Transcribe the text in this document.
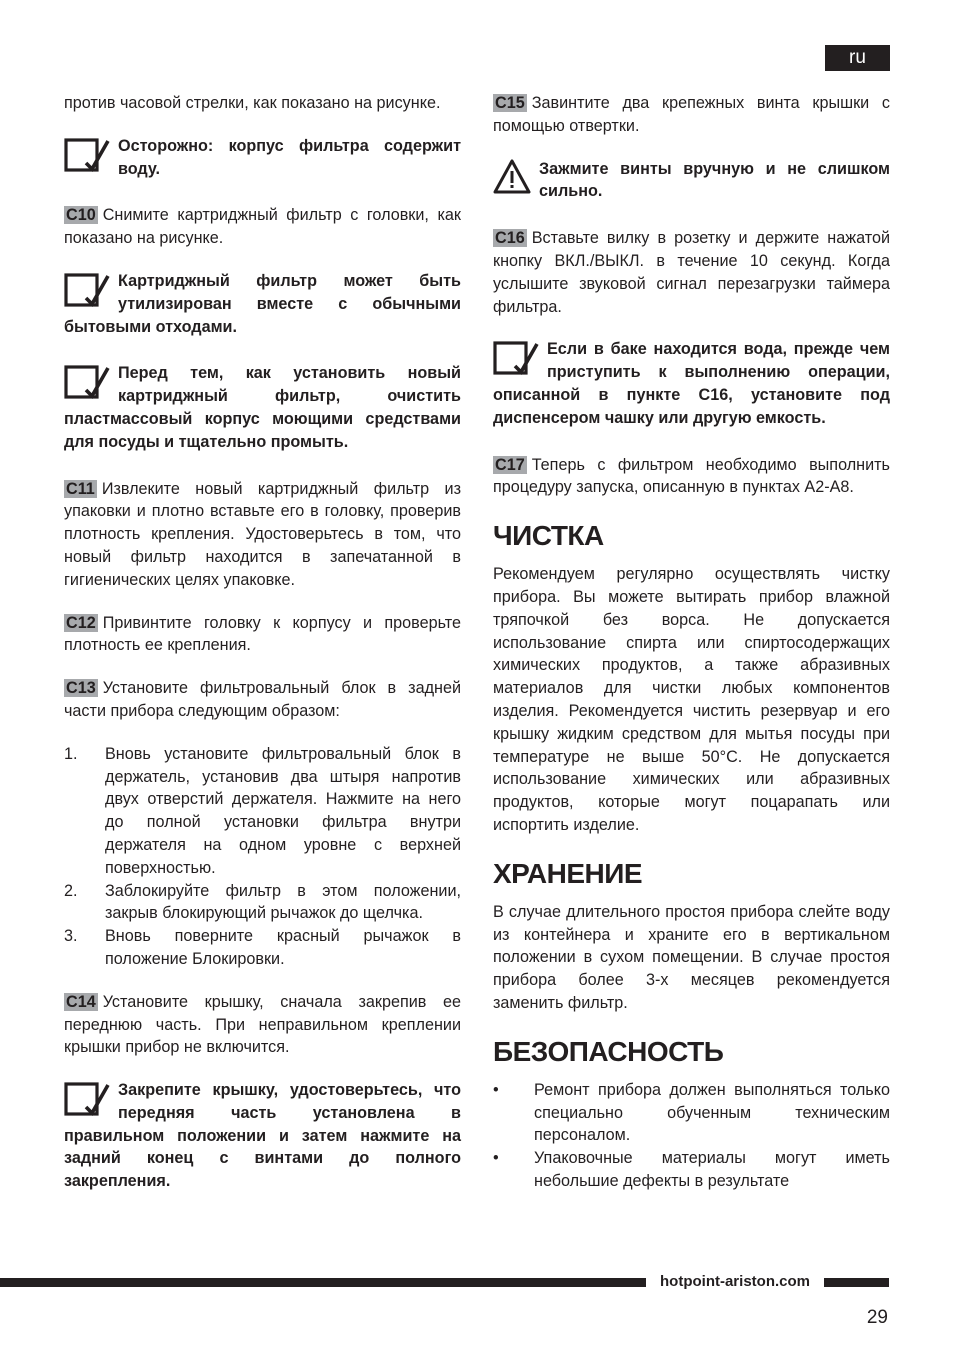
ru

против часовой стрелки, как показано на рисунке.

Осторожно: корпус фильтра содержит воду.

C10 Снимите картриджный фильтр с головки, как показано на рисунке.

Картриджный фильтр может быть утилизирован вместе с обычными бытовыми отходами.
Перед тем, как установить новый картриджный фильтр, очистить пластмассовый корпус моющими средствами для посуды и тщательно промыть.

C11 Извлеките новый картриджный фильтр из упаковки и плотно вставьте его в головку, проверив плотность крепления. Удостоверьтесь в том, что новый фильтр находится в запечатанной в гигиенических целях упаковке.

C12 Привинтите головку к корпусу и проверьте плотность ее крепления.

C13 Установите фильтровальный блок в задней части прибора следующим образом:

1. Вновь установите фильтровальный блок в держатель, установив два штыря напротив двух отверстий держателя. Нажмите на него до полной установки фильтра внутри держателя на одном уровне с верхней поверхностью.
2. Заблокируйте фильтр в этом положении, закрыв блокирующий рычажок до щелчка.
3. Вновь поверните красный рычажок в положение Блокировки.

C14 Установите крышку, сначала закрепив ее переднюю часть. При неправильном креплении крышки прибор не включится.

Закрепите крышку, удостоверьтесь, что передняя часть установлена в правильном положении и затем нажмите на задний конец с винтами до полного закрепления.

C15 Завинтите два крепежных винта крышки с помощью отвертки.

Зажмите винты вручную и не слишком сильно.

C16 Вставьте вилку в розетку и держите нажатой кнопку ВКЛ./ВЫКЛ. в течение 10 секунд. Когда услышите звуковой сигнал перезагрузки таймера фильтра.

Если в баке находится вода, прежде чем приступить к выполнению операции, описанной в пункте C16, установите под диспенсером чашку или другую емкость.

C17 Теперь с фильтром необходимо выполнить процедуру запуска, описанную в пунктах A2-A8.

ЧИСТКА

Рекомендуем регулярно осуществлять чистку прибора. Вы можете вытирать прибор влажной тряпочкой без ворса. Не допускается использование спирта или спиртосодержащих химических продуктов, а также абразивных материалов для чистки любых компонентов изделия. Рекомендуется чистить резервуар и его крышку жидким средством для мытья посуды при температуре не выше 50°C. Не допускается использование химических или абразивных продуктов, которые могут поцарапать или испортить изделие.

ХРАНЕНИЕ

В случае длительного простоя прибора слейте воду из контейнера и храните его в вертикальном положении в сухом помещении. В случае простоя прибора более 3-х месяцев рекомендуется заменить фильтр.

БЕЗОПАСНОСТЬ
• Ремонт прибора должен выполняться только специально обученным техническим персоналом.
• Упаковочные материалы могут иметь небольшие дефекты в результате
hotpoint-ariston.com
29
